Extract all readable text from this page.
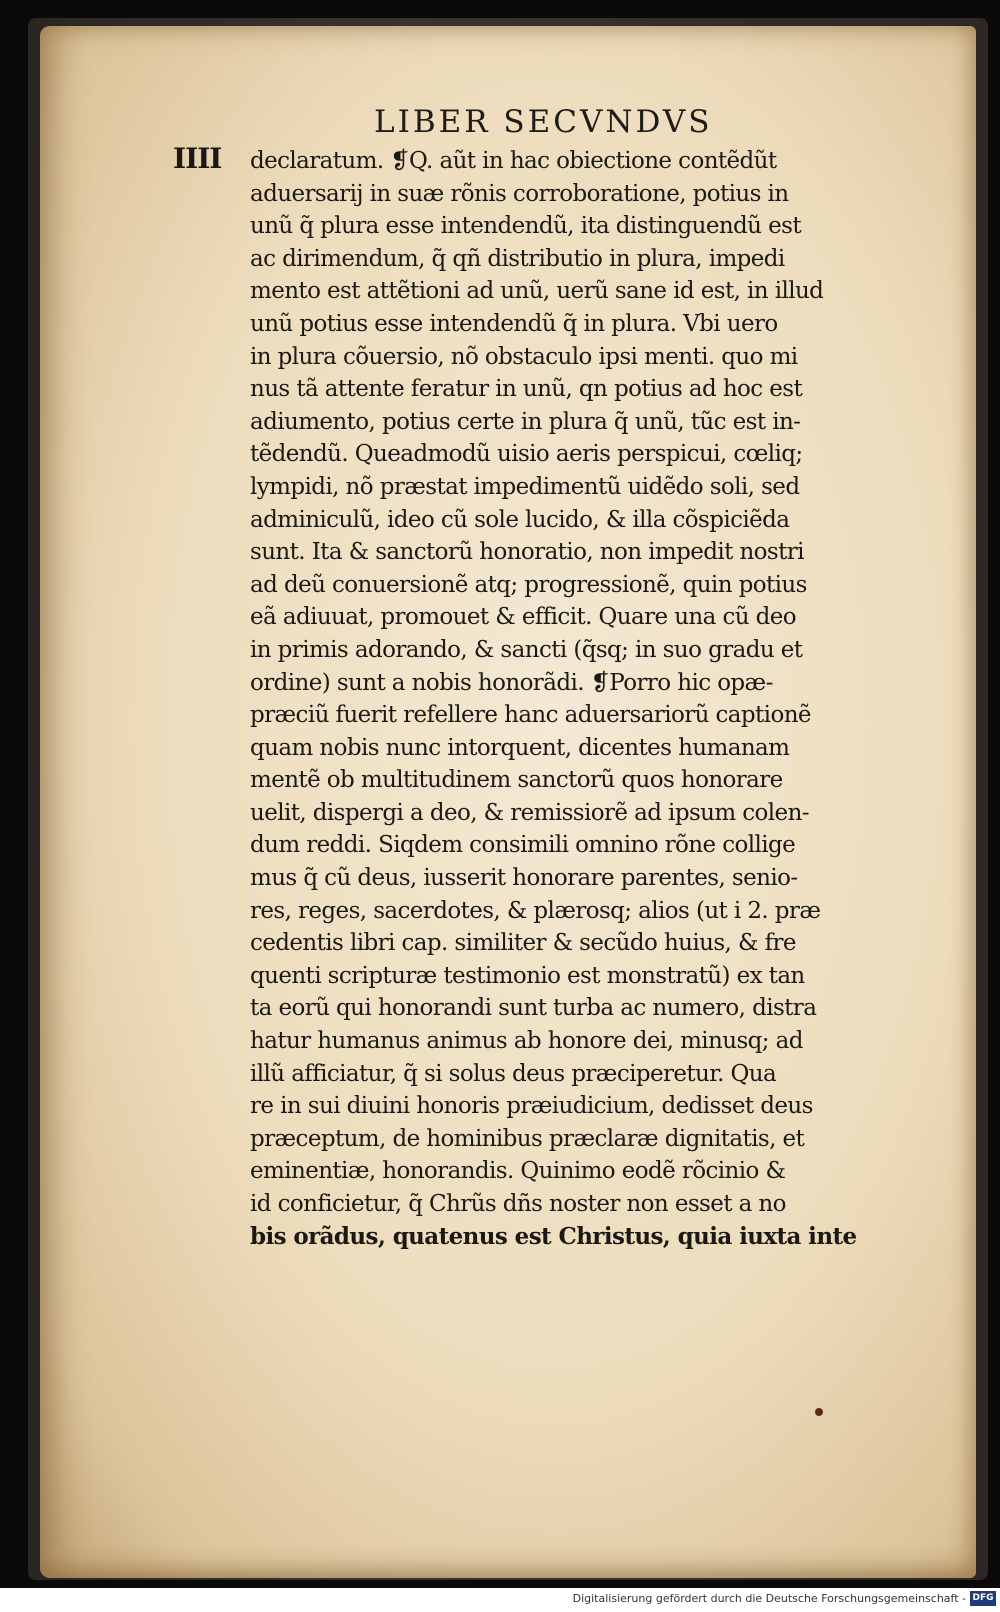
LIBER SECVNDVS
IIII declaratum. ❡Q. aũt in hac obiectione contẽdũt
aduersarij in suæ rõnis corroboratione, potius in
unũ q̃ plura esse intendendũ, ita distinguendũ est
ac dirimendum, q̃ qñ distributio in plura, impedi
mento est attẽtioni ad unũ, uerũ sane id est, in illud
unũ potius esse intendendũ q̃ in plura. Vbi uero
in plura cõuersio, nõ obstaculo ipsi menti. quo mi
nus tã attente feratur in unũ, qn potius ad hoc est
adiumento, potius certe in plura q̃ unũ, tũc est in-
tẽdendũ. Queadmodũ uisio aeris perspicui, cœliq;
lympidi, nõ præstat impedimentũ uidẽdo soli, sed
adminiculũ, ideo cũ sole lucido, & illa cõspiciẽda
sunt. Ita & sanctorũ honoratio, non impedit nostri
ad deũ conuersionẽ atq; progressionẽ, quin potius
eã adiuuat, promouet & efficit. Quare una cũ deo
in primis adorando, & sancti (q̃sq; in suo gradu et
ordine) sunt a nobis honorãdi. ❡Porro hic opæ-
præciũ fuerit refellere hanc aduersariorũ captionẽ
quam nobis nunc intorquent, dicentes humanam
mentẽ ob multitudinem sanctorũ quos honorare
uelit, dispergi a deo, & remissiorẽ ad ipsum colen-
dum reddi. Siqdem consimili omnino rõne collige
mus q̃ cũ deus, iusserit honorare parentes, senio-
res, reges, sacerdotes, & plærosq; alios (ut i 2. præ
cedentis libri cap. similiter & secũdo huius, & fre
quenti scripturæ testimonio est monstratũ) ex tan
ta eorũ qui honorandi sunt turba ac numero, distra
hatur humanus animus ab honore dei, minusq; ad
illũ afficiatur, q̃ si solus deus præciperetur. Qua
re in sui diuini honoris præiudicium, dedisset deus
præceptum, de hominibus præclaræ dignitatis, et
eminentiæ, honorandis. Quinimo eodẽ rõcinio &
id conficietur, q̃ Chrũs dñs noster non esset a no
bis orãdus, quatenus est Christus, quia iuxta inte
Digitalisierung gefördert durch die Deutsche Forschungsgemeinschaft - DFG
